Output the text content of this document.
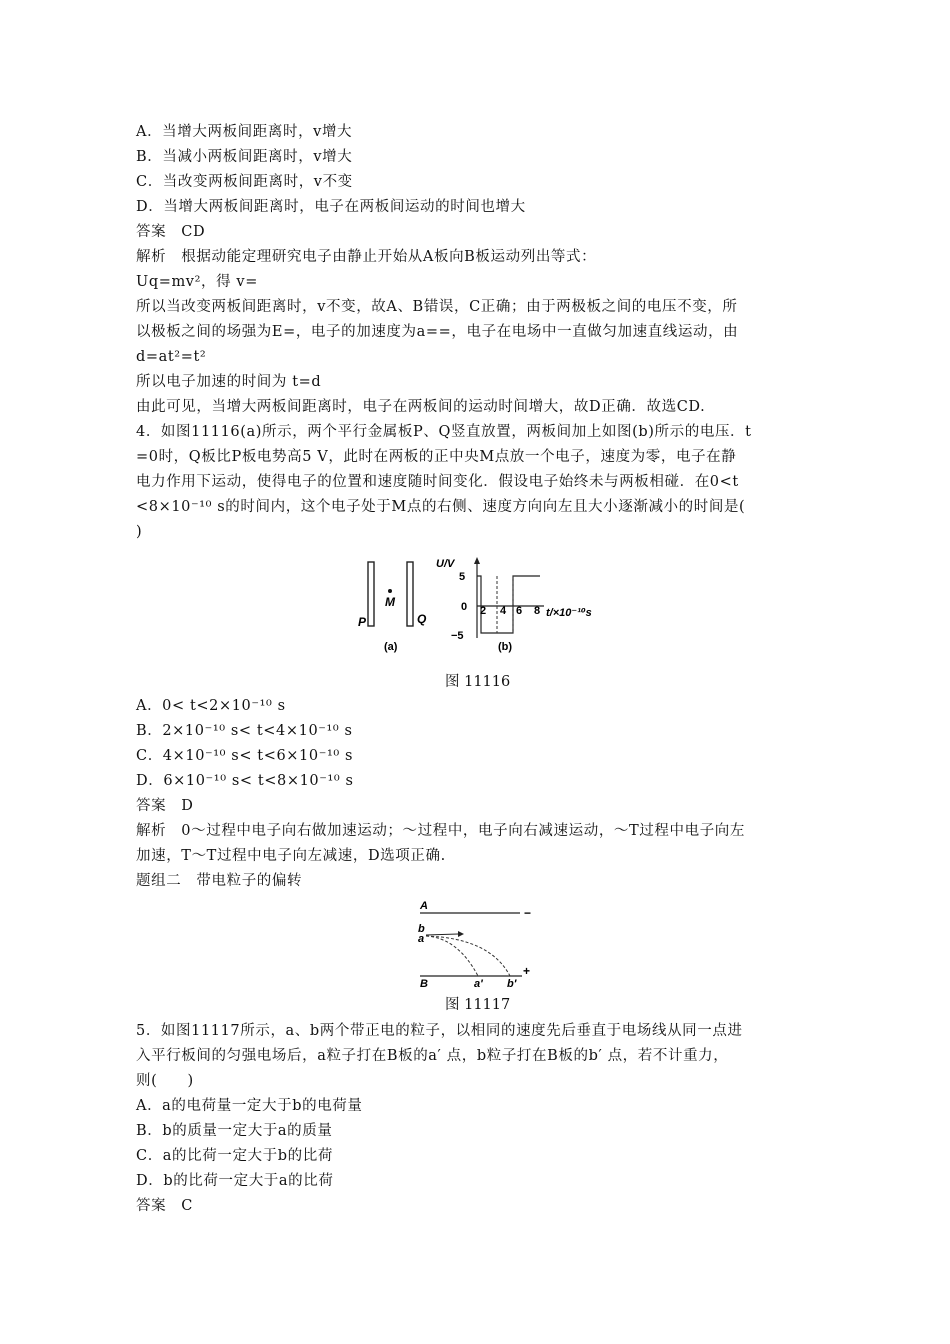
A．当增大两板间距离时，v增大
B．当减小两板间距离时，v增大
C．当改变两板间距离时，v不变
D．当增大两板间距离时，电子在两板间运动的时间也增大
答案　CD
解析　根据动能定理研究电子由静止开始从A板向B板运动列出等式：
Uq=mv²，得 v=
所以当改变两板间距离时，v不变，故A、B错误，C正确；由于两极板之间的电压不变，所
以极板之间的场强为E=，电子的加速度为a==，电子在电场中一直做匀加速直线运动，由
d=at²=t²
所以电子加速的时间为 t=d
由此可见，当增大两板间距离时，电子在两板间的运动时间增大，故D正确．故选CD.
4．如图11116(a)所示，两个平行金属板P、Q竖直放置，两板间加上如图(b)所示的电压．t
=0时，Q板比P板电势高5 V，此时在两板的正中央M点放一个电子，速度为零，电子在静
电力作用下运动，使得电子的位置和速度随时间变化．假设电子始终未与两板相碰．在0<t
<8×10⁻¹⁰ s的时间内，这个电子处于M点的右侧、速度方向向左且大小逐渐减小的时间是(
)
M
P	Q
(a)
U/V
5
0
−5
2 4 6 8 t/×10⁻¹⁰s
(b)
图 11116
A．0< t<2×10⁻¹⁰ s
B．2×10⁻¹⁰ s< t<4×10⁻¹⁰ s
C．4×10⁻¹⁰ s< t<6×10⁻¹⁰ s
D．6×10⁻¹⁰ s< t<8×10⁻¹⁰ s
答案　D
解析　0～过程中电子向右做加速运动；～过程中，电子向右减速运动，～T过程中电子向左
加速，T～T过程中电子向左减速，D选项正确.
题组二　带电粒子的偏转
A
B
−
+
b
a
a′ b′
图 11117
5．如图11117所示，a、b两个带正电的粒子，以相同的速度先后垂直于电场线从同一点进
入平行板间的匀强电场后，a粒子打在B板的a′ 点，b粒子打在B板的b′ 点，若不计重力，
则(　　)
A．a的电荷量一定大于b的电荷量
B．b的质量一定大于a的质量
C．a的比荷一定大于b的比荷
D．b的比荷一定大于a的比荷
答案　C
